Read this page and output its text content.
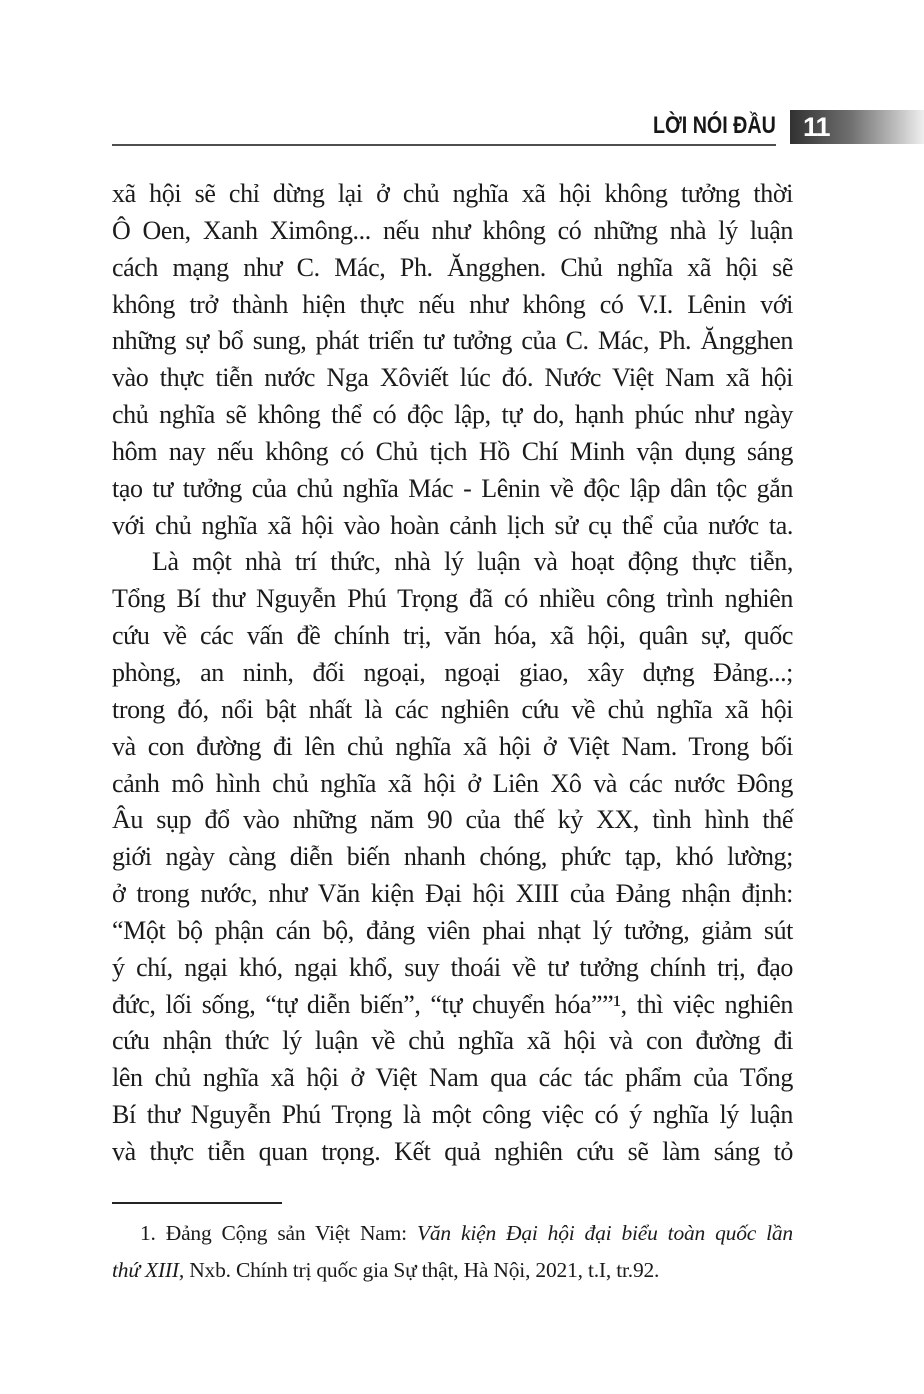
LỜI NÓI ĐẦU 11
xã hội sẽ chỉ dừng lại ở chủ nghĩa xã hội không tưởng thời
Ô Oen, Xanh Ximông... nếu như không có những nhà lý luận
cách mạng như C. Mác, Ph. Ăngghen. Chủ nghĩa xã hội sẽ
không trở thành hiện thực nếu như không có V.I. Lênin với
những sự bổ sung, phát triển tư tưởng của C. Mác, Ph. Ăngghen
vào thực tiễn nước Nga Xôviết lúc đó. Nước Việt Nam xã hội
chủ nghĩa sẽ không thể có độc lập, tự do, hạnh phúc như ngày
hôm nay nếu không có Chủ tịch Hồ Chí Minh vận dụng sáng
tạo tư tưởng của chủ nghĩa Mác - Lênin về độc lập dân tộc gắn
với chủ nghĩa xã hội vào hoàn cảnh lịch sử cụ thể của nước ta.
Là một nhà trí thức, nhà lý luận và hoạt động thực tiễn,
Tổng Bí thư Nguyễn Phú Trọng đã có nhiều công trình nghiên
cứu về các vấn đề chính trị, văn hóa, xã hội, quân sự, quốc
phòng, an ninh, đối ngoại, ngoại giao, xây dựng Đảng...;
trong đó, nổi bật nhất là các nghiên cứu về chủ nghĩa xã hội
và con đường đi lên chủ nghĩa xã hội ở Việt Nam. Trong bối
cảnh mô hình chủ nghĩa xã hội ở Liên Xô và các nước Đông
Âu sụp đổ vào những năm 90 của thế kỷ XX, tình hình thế
giới ngày càng diễn biến nhanh chóng, phức tạp, khó lường;
ở trong nước, như Văn kiện Đại hội XIII của Đảng nhận định:
“Một bộ phận cán bộ, đảng viên phai nhạt lý tưởng, giảm sút
ý chí, ngại khó, ngại khổ, suy thoái về tư tưởng chính trị, đạo
đức, lối sống, “tự diễn biến”, “tự chuyển hóa””¹, thì việc nghiên
cứu nhận thức lý luận về chủ nghĩa xã hội và con đường đi
lên chủ nghĩa xã hội ở Việt Nam qua các tác phẩm của Tổng
Bí thư Nguyễn Phú Trọng là một công việc có ý nghĩa lý luận
và thực tiễn quan trọng. Kết quả nghiên cứu sẽ làm sáng tỏ
1. Đảng Cộng sản Việt Nam: Văn kiện Đại hội đại biểu toàn quốc lần
thứ XIII, Nxb. Chính trị quốc gia Sự thật, Hà Nội, 2021, t.I, tr.92.
